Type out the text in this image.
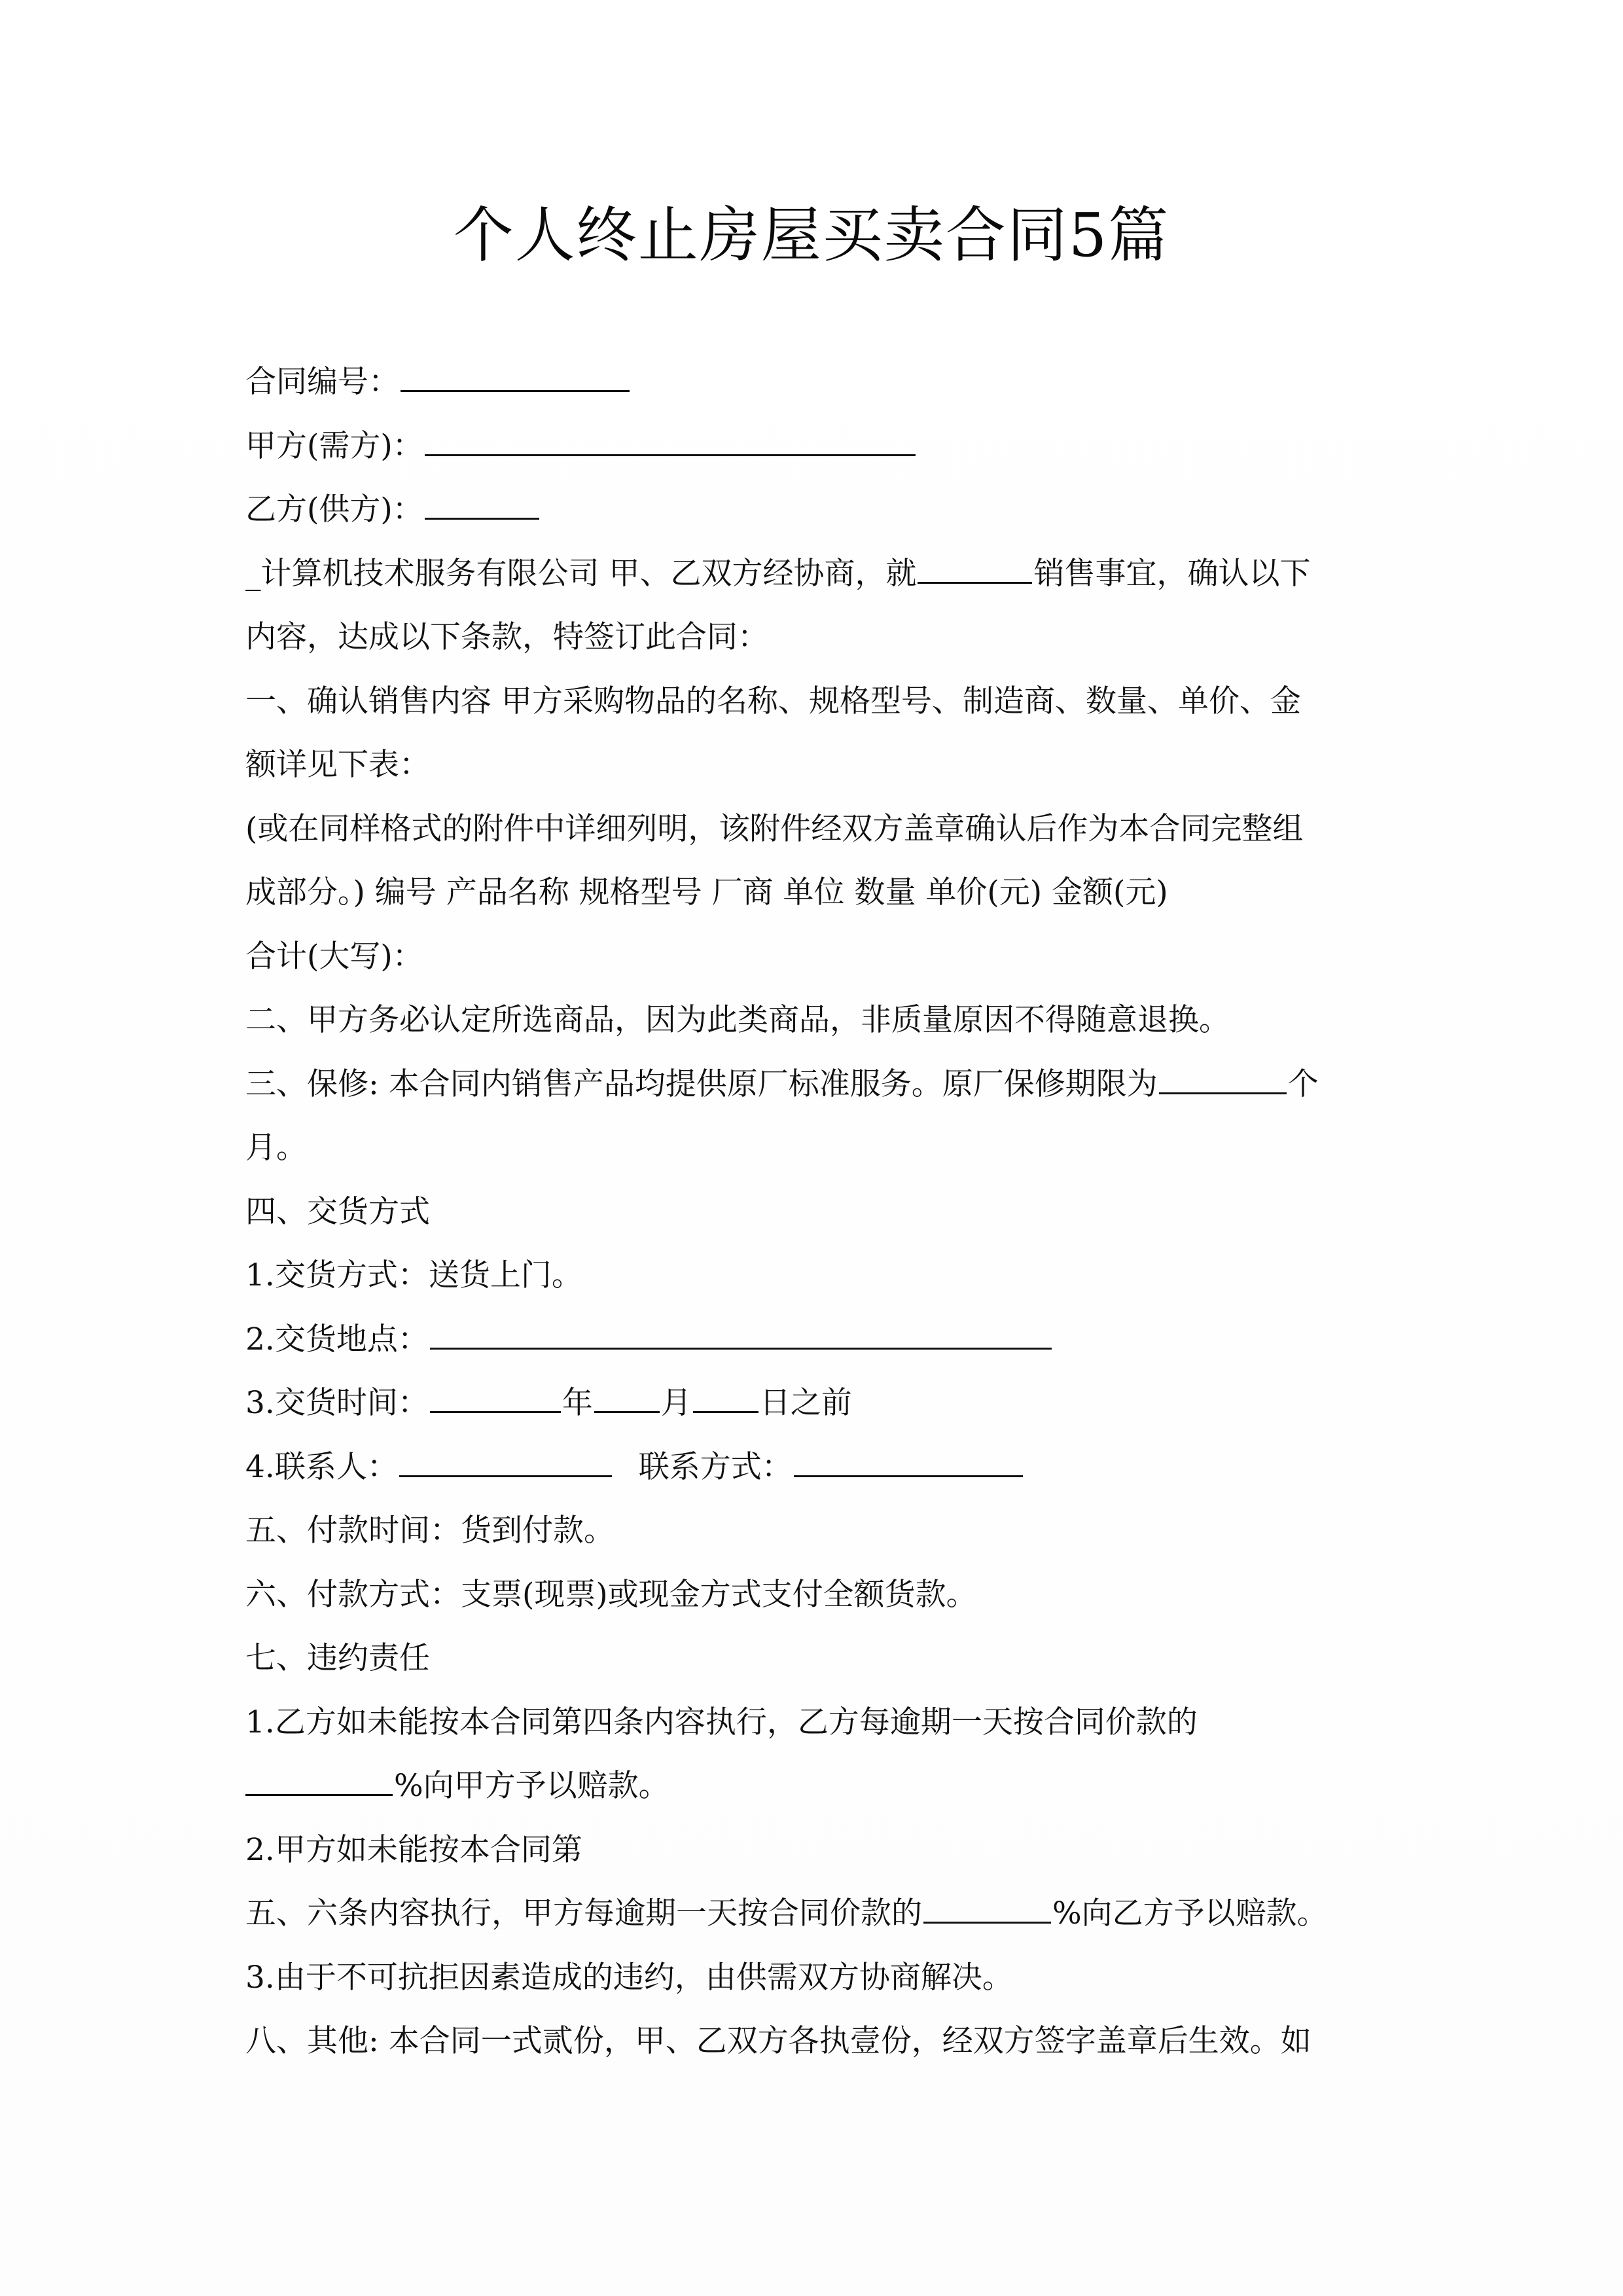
个人终止房屋买卖合同5篇
合同编号：
甲方(需方)：
乙方(供方)：
_计算机技术服务有限公司 甲、乙双方经协商，就	销售事宜，确认以下
内容，达成以下条款，特签订此合同：
一、确认销售内容 甲方采购物品的名称、规格型号、制造商、数量、单价、金
额详见下表：
(或在同样格式的附件中详细列明，该附件经双方盖章确认后作为本合同完整组
成部分。) 编号 产品名称 规格型号 厂商 单位 数量 单价(元) 金额(元)
合计(大写)：
二、甲方务必认定所选商品，因为此类商品，非质量原因不得随意退换。
三、保修: 本合同内销售产品均提供原厂标准服务。原厂保修期限为	个
月。
四、交货方式
1.交货方式：送货上门。
2.交货地点：
3.交货时间：	年 月 日之前
4.联系人：	联系方式：
五、付款时间：货到付款。
六、付款方式：支票(现票)或现金方式支付全额货款。
七、违约责任
1.乙方如未能按本合同第四条内容执行，乙方每逾期一天按合同价款的
%向甲方予以赔款。
2.甲方如未能按本合同第
五、六条内容执行，甲方每逾期一天按合同价款的	%向乙方予以赔款。
3.由于不可抗拒因素造成的违约，由供需双方协商解决。
八、其他: 本合同一式贰份，甲、乙双方各执壹份，经双方签字盖章后生效。如
